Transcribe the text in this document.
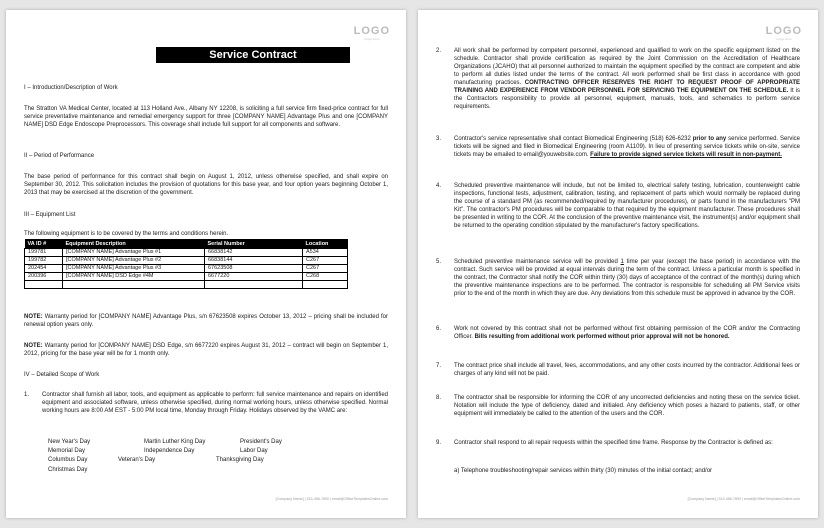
LOGO
Image Here
Service Contract
I – Introduction/Description of Work
The Stratton VA Medical Center, located at 113 Holland Ave., Albany NY 12208, is soliciting a full service firm fixed-price contract for full service preventative maintenance and remedial emergency support for three [COMPANY NAME] Advantage Plus and one [COMPANY NAME] DSD Edge Endoscope Preprocessors. This coverage shall include full support for all components and software.
II – Period of Performance
The base period of performance for this contract shall begin on August 1, 2012, unless otherwise specified, and shall expire on September 30, 2012. This solicitation includes the provision of quotations for this base year, and four option years beginning October 1, 2013 that may be exercised at the discretion of the government.
III – Equipment List
The following equipment is to be covered by the terms and conditions herein.
VA ID #	Equipment Description	Serial Number	Location
199781	[COMPANY NAME] Advantage Plus #1	66838142	A534
199782	[COMPANY NAME] Advantage Plus #2	66838144	C267
202454	[COMPANY NAME] Advantage Plus #3	67623508	C267
200396	[COMPANY NAME] DSD Edge #4M	6677220	C268

NOTE: Warranty period for [COMPANY NAME] Advantage Plus, s/n 67623508 expires October 13, 2012 – pricing shall be included for renewal option years only.
NOTE: Warranty period for [COMPANY NAME] DSD Edge, s/n 6677220 expires August 31, 2012 – contract will begin on September 1, 2012, pricing for the base year will be for 1 month only.
IV – Detailed Scope of Work
1.	Contractor shall furnish all labor, tools, and equipment as applicable to perform: full service maintenance and repairs on identified equipment and associated software, unless otherwise specified, during normal working hours, unless otherwise specified. Normal working hours are 8:00 AM EST - 5:00 PM local time, Monday through Friday. Holidays observed by the VAMC are:
New Year's Day	Martin Luther King Day	President's Day
Memorial Day	Independence Day	Labor Day
Columbus Day	Veteran's Day	Thanksgiving Day
Christmas Day
[Company Name] | 513-456-7890 | email@OfficeTemplatesOnline.com
LOGO
Image Here
2.	All work shall be performed by competent personnel, experienced and qualified to work on the specific equipment listed on the schedule. Contractor shall provide certification as required by the Joint Commission on the Accreditation of Healthcare Organizations (JCAHO) that all personnel authorized to maintain the equipment specified by the contract are competent and able to perform all duties listed under the terms of the contract. All work performed shall be first class in accordance with good manufacturing practices. CONTRACTING OFFICER RESERVES THE RIGHT TO REQUEST PROOF OF APPROPRIATE TRAINING AND EXPERIENCE FROM VENDOR PERSONNEL FOR SERVICING THE EQUIPMENT ON THE SCHEDULE. It is the Contractors responsibility to provide all personnel, equipment, manuals, tools, and schematics to perform service requirements.
3.	Contractor's service representative shall contact Biomedical Engineering (518) 626-6232 prior to any service performed. Service tickets will be signed and filed in Biomedical Engineering (room A1109). In lieu of presenting service tickets while on-site, service tickets may be emailed to email@youwebsite.com. Failure to provide signed service tickets will result in non-payment.
4.	Scheduled preventive maintenance will include, but not be limited to, electrical safety testing, lubrication, counterweight cable inspections, functional tests, adjustment, calibration, testing, and replacement of parts which would normally be replaced during the course of a standard PM (as recommended/required by manufacturer procedures), or parts found in the manufacturers "PM Kit". The contractor's PM procedures will be comparable to that required by the equipment manufacturer. These procedures shall be presented in writing to the COR. At the conclusion of the preventive maintenance visit, the instrument(s) and/or equipment shall be returned to the operating condition stipulated by the manufacturer's factory specifications.
5.	Scheduled preventive maintenance service will be provided 1 time per year (except the base period) in accordance with the contract. Such service will be provided at equal intervals during the term of the contract. Unless a particular month is specified in the contract, the Contractor shall notify the COR within thirty (30) days of acceptance of the contract of the month(s) during which the preventive maintenance inspections are to be performed. The contractor is responsible for scheduling all PM Service visits prior to the end of the month in which they are due. Any deviations from this schedule must be approved in advance by the COR.
6.	Work not covered by this contract shall not be performed without first obtaining permission of the COR and/or the Contracting Officer. Bills resulting from additional work performed without prior approval will not be honored.
7.	The contract price shall include all travel, fees, accommodations, and any other costs incurred by the contractor. Additional fees or charges of any kind will not be paid.
8.	The contractor shall be responsible for informing the COR of any uncorrected deficiencies and noting these on the service ticket. Notation will include the type of deficiency, dated and initialed. Any deficiency which poses a hazard to patients, staff, or other equipment will immediately be called to the attention of the users and the COR.
9.	Contractor shall respond to all repair requests within the specified time frame. Response by the Contractor is defined as:
a) Telephone troubleshooting/repair services within thirty (30) minutes of the initial contact; and/or
[Company Name] | 513-456-7890 | email@OfficeTemplatesOnline.com
